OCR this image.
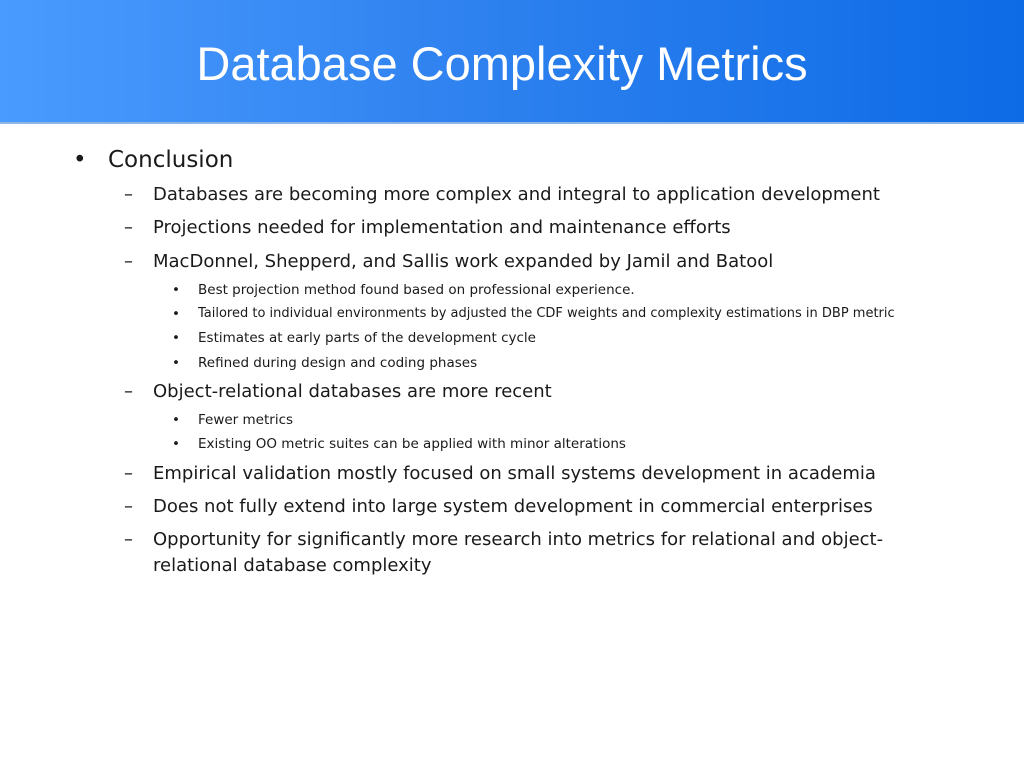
Database Complexity Metrics
• Conclusion
– Databases are becoming more complex and integral to application development
– Projections needed for implementation and maintenance efforts
– MacDonnel, Shepperd, and Sallis work expanded by Jamil and Batool
• Best projection method found based on professional experience.
• Tailored to individual environments by adjusted the CDF weights and complexity estimations in DBP metric
• Estimates at early parts of the development cycle
• Refined during design and coding phases
– Object-relational databases are more recent
• Fewer metrics
• Existing OO metric suites can be applied with minor alterations
– Empirical validation mostly focused on small systems development in academia
– Does not fully extend into large system development in commercial enterprises
– Opportunity for significantly more research into metrics for relational and object-relational database complexity
